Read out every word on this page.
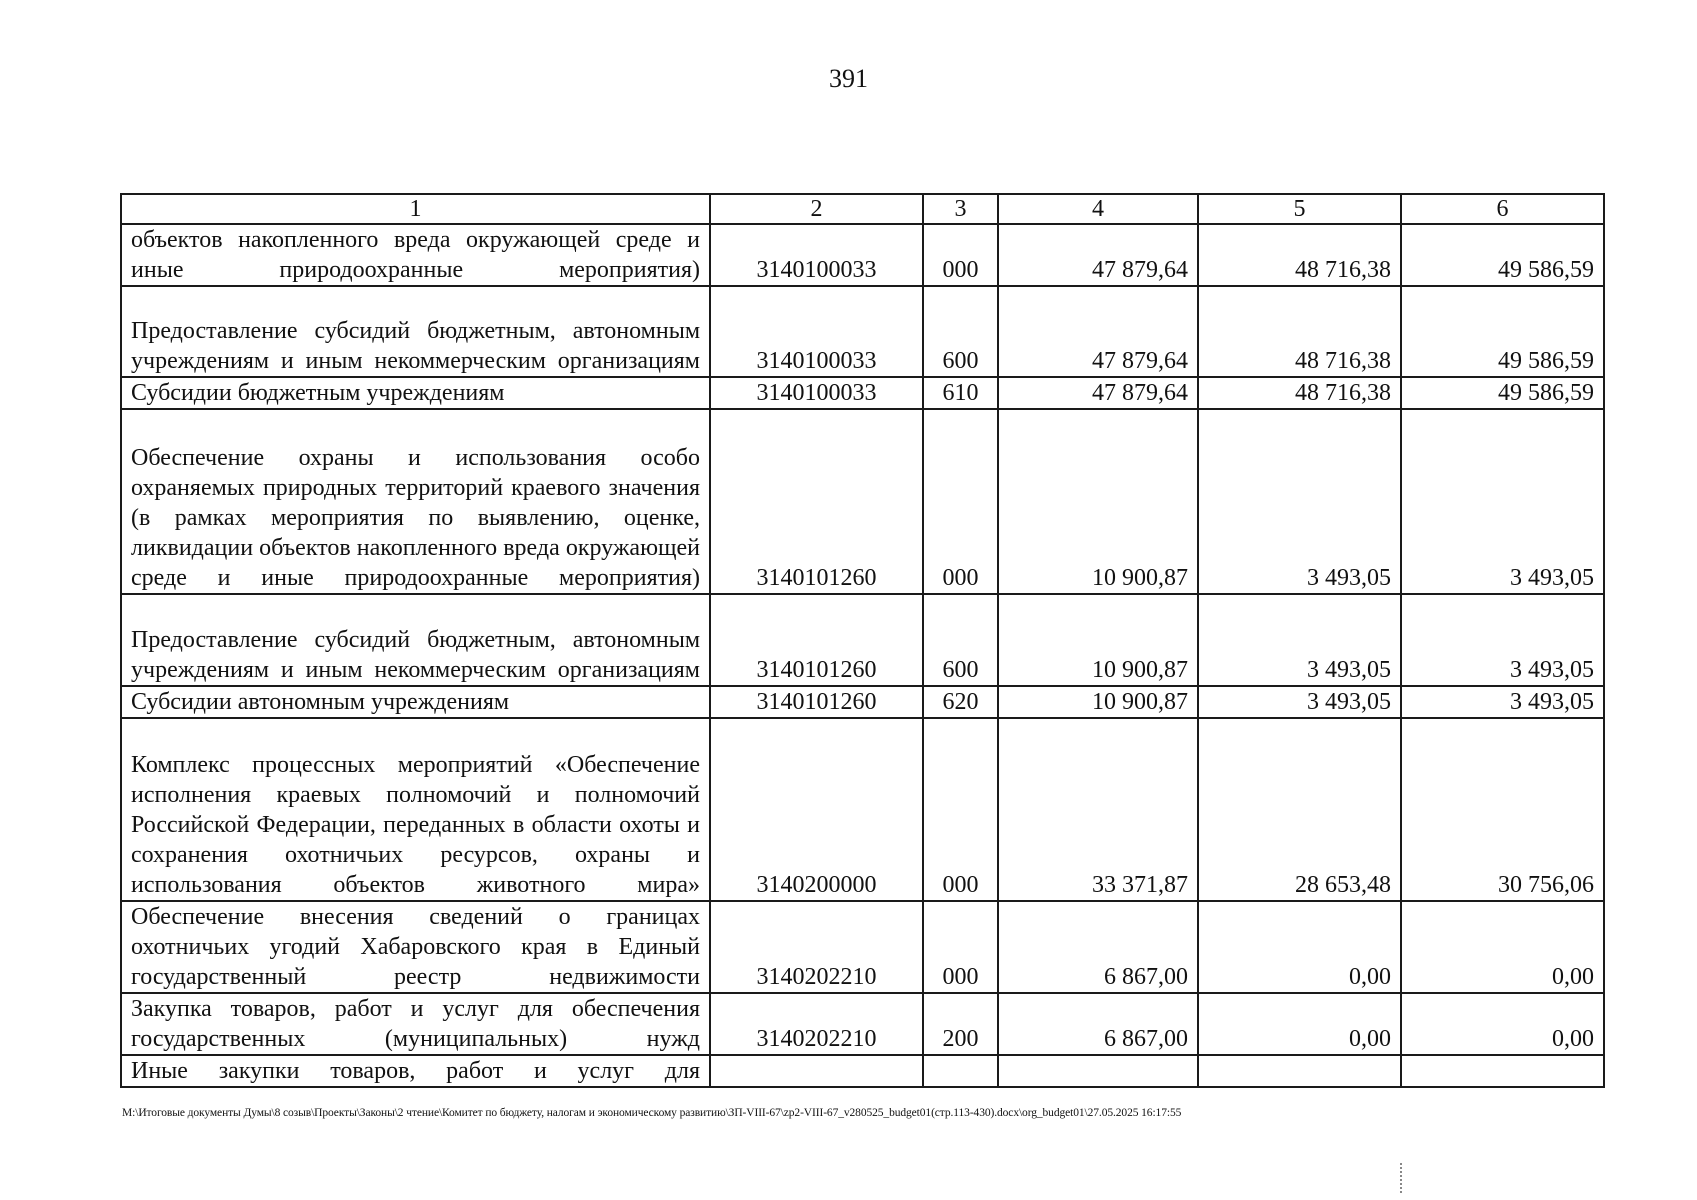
391
1	2	3	4	5	6
объектов накопленного вреда окружающей среде и иные природоохранные мероприятия)	3140100033	000	47 879,64	48 716,38	49 586,59
Предоставление субсидий бюджетным, автономным учреждениям и иным некоммерческим организациям	3140100033	600	47 879,64	48 716,38	49 586,59
Субсидии бюджетным учреждениям	3140100033	610	47 879,64	48 716,38	49 586,59
Обеспечение охраны и использования особо охраняемых природных территорий краевого значения (в рамках мероприятия по выявлению, оценке, ликвидации объектов накопленного вреда окружающей среде и иные природоохранные мероприятия)	3140101260	000	10 900,87	3 493,05	3 493,05
Предоставление субсидий бюджетным, автономным учреждениям и иным некоммерческим организациям	3140101260	600	10 900,87	3 493,05	3 493,05
Субсидии автономным учреждениям	3140101260	620	10 900,87	3 493,05	3 493,05
Комплекс процессных мероприятий «Обеспечение исполнения краевых полномочий и полномочий Российской Федерации, переданных в области охоты и сохранения охотничьих ресурсов, охраны и использования объектов животного мира»	3140200000	000	33 371,87	28 653,48	30 756,06
Обеспечение внесения сведений о границах охотничьих угодий Хабаровского края в Единый государственный реестр недвижимости	3140202210	000	6 867,00	0,00	0,00
Закупка товаров, работ и услуг для обеспечения государственных (муниципальных) нужд	3140202210	200	6 867,00	0,00	0,00
Иные закупки товаров, работ и услуг для					
M:\Итоговые документы Думы\8 созыв\Проекты\Законы\2 чтение\Комитет по бюджету, налогам и экономическому развитию\ЗП-VIII-67\zp2-VIII-67_v280525_budget01(стр.113-430).docx\org_budget01\27.05.2025 16:17:55
